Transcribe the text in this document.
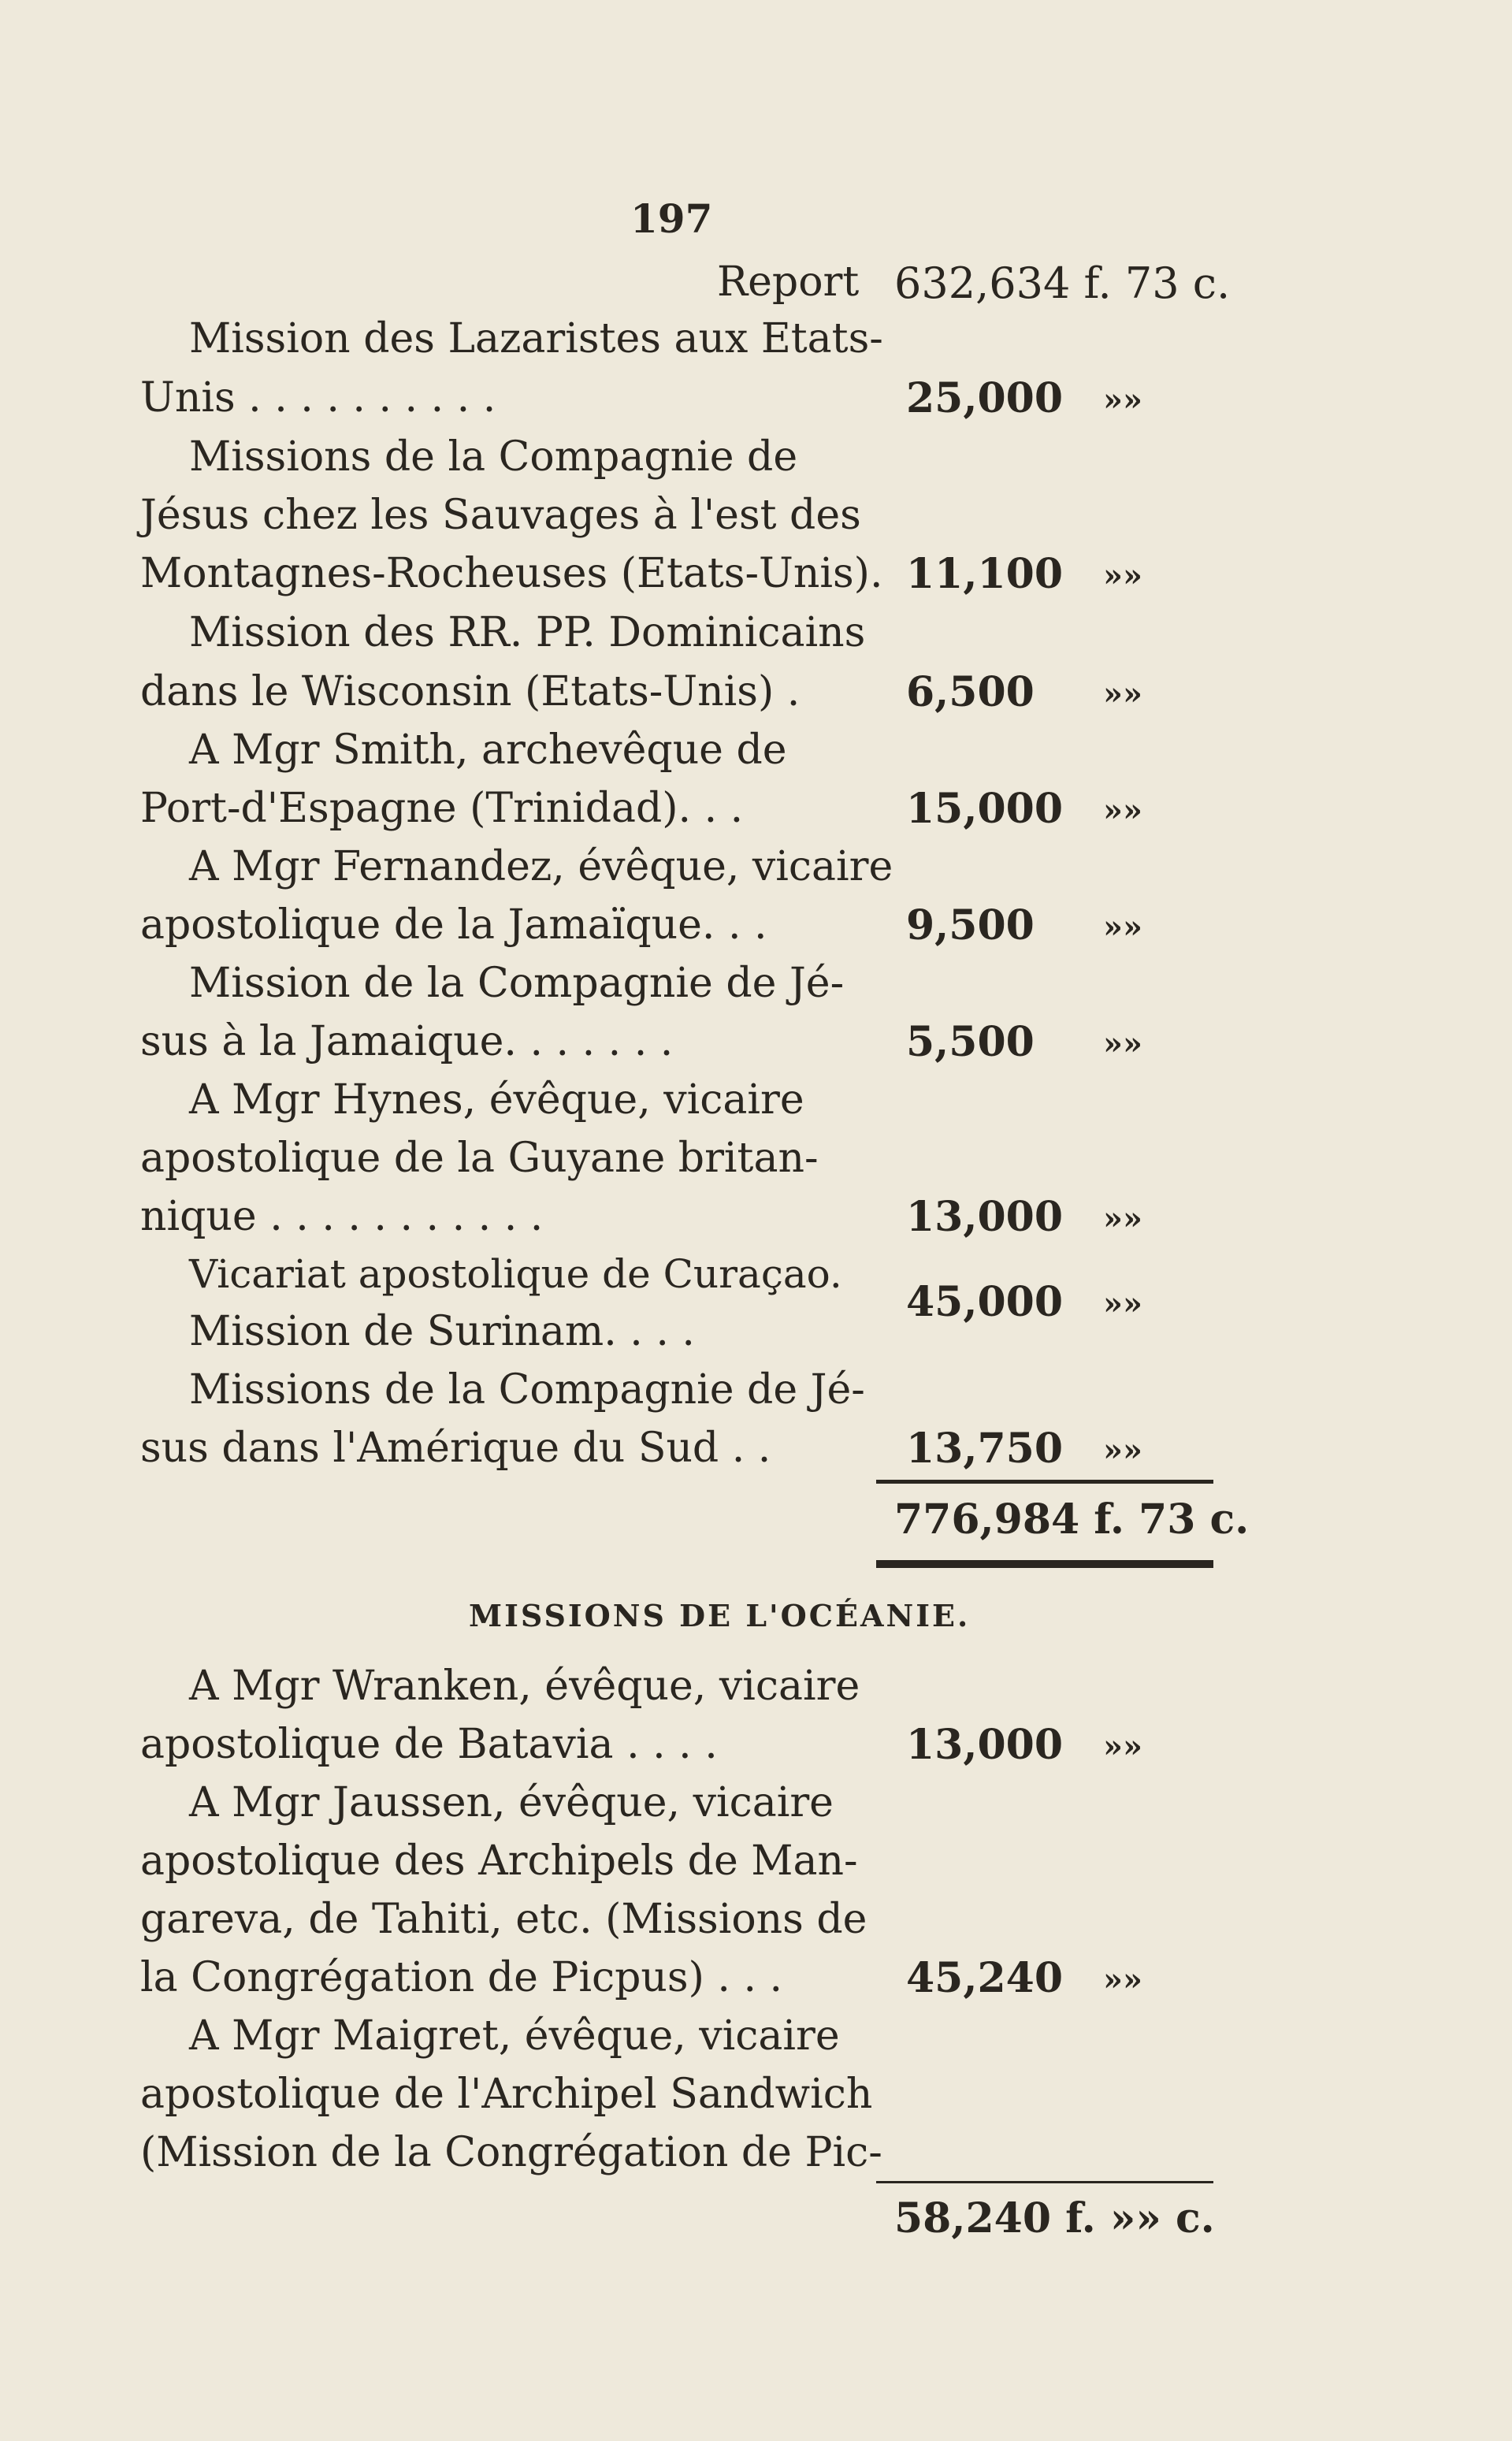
197
Report 632,634 f. 73 c.
Mission des Lazaristes aux Etats-
Unis . . . . . . . . . .	25,000 »»
Missions de la Compagnie de
Jésus chez les Sauvages à l'est des
Montagnes-Rocheuses (Etats-Unis). 11,100 »»
Mission des RR. PP. Dominicains
dans le Wisconsin (Etats-Unis) .	6,500 »»
A Mgr Smith, archevêque de
Port-d'Espagne (Trinidad). . .	15,000 »»
A Mgr Fernandez, évêque, vicaire
apostolique de la Jamaïque. . .	9,500 »»
Mission de la Compagnie de Jé-
sus à la Jamaique. . . . . . .	5,500 »»
A Mgr Hynes, évêque, vicaire
apostolique de la Guyane britan-
nique . . . . . . . . . . .	13,000 »»
Vicariat apostolique de Curaçao.
Mission de Surinam. . . .
45,000 »»
Missions de la Compagnie de Jé-
sus dans l'Amérique du Sud . .	13,750 »»
776,984 f. 73 c.
MISSIONS DE L'OCÉANIE.
A Mgr Wranken, évêque, vicaire
apostolique de Batavia . . . .	13,000 »»
A Mgr Jaussen, évêque, vicaire
apostolique des Archipels de Man-
gareva, de Tahiti, etc. (Missions de
la Congrégation de Picpus) . . .	45,240 »»
A Mgr Maigret, évêque, vicaire
apostolique de l'Archipel Sandwich
(Mission de la Congrégation de Pic-
58,240 f. »» c.
